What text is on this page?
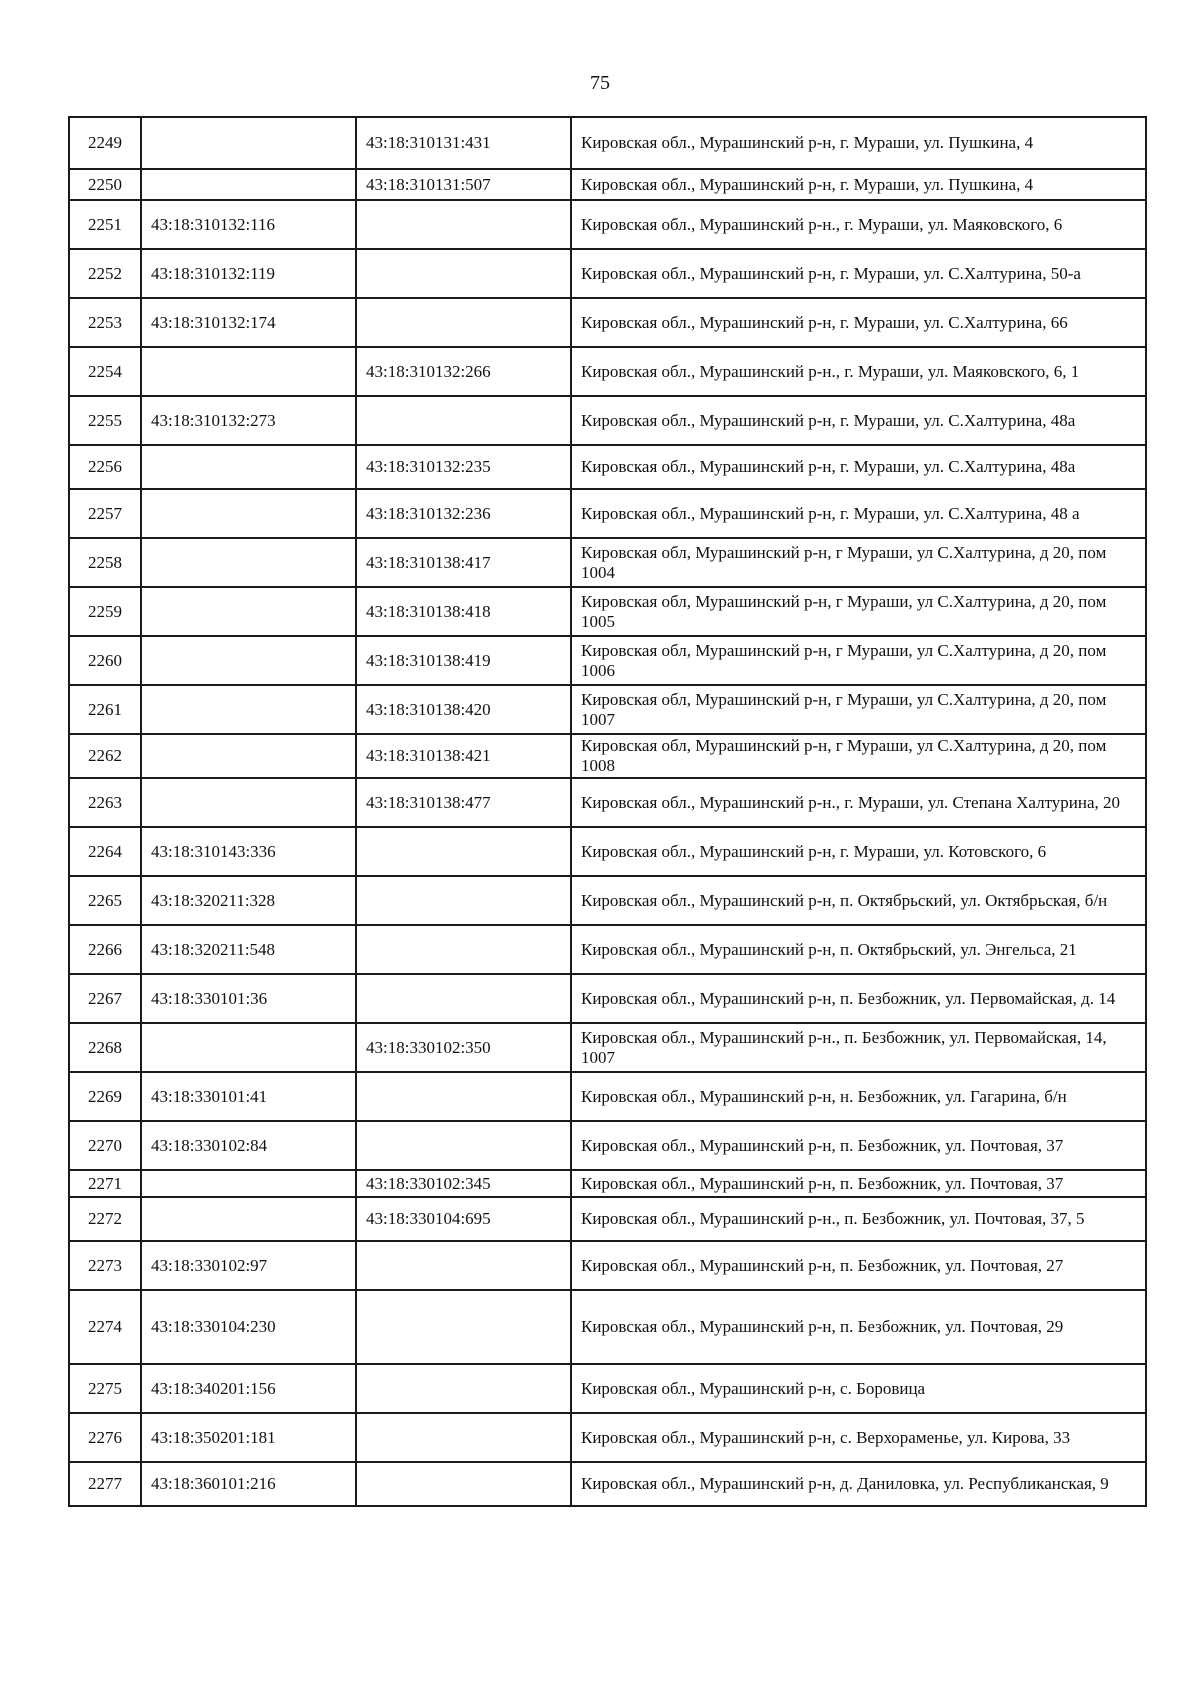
75
2249		43:18:310131:431	Кировская обл., Мурашинский р-н, г. Мураши, ул. Пушкина, 4
2250		43:18:310131:507	Кировская обл., Мурашинский р-н, г. Мураши, ул. Пушкина, 4
2251	43:18:310132:116		Кировская обл., Мурашинский р-н., г. Мураши, ул. Маяковского, 6
2252	43:18:310132:119		Кировская обл., Мурашинский р-н, г. Мураши, ул. С.Халтурина, 50-а
2253	43:18:310132:174		Кировская обл., Мурашинский р-н, г. Мураши, ул. С.Халтурина, 66
2254		43:18:310132:266	Кировская обл., Мурашинский р-н., г. Мураши, ул. Маяковского, 6, 1
2255	43:18:310132:273		Кировская обл., Мурашинский р-н, г. Мураши, ул. С.Халтурина, 48а
2256		43:18:310132:235	Кировская обл., Мурашинский р-н, г. Мураши, ул. С.Халтурина, 48а
2257		43:18:310132:236	Кировская обл., Мурашинский р-н, г. Мураши, ул. С.Халтурина, 48 а
2258		43:18:310138:417	Кировская обл, Мурашинский р-н, г Мураши, ул С.Халтурина, д 20, пом 1004
2259		43:18:310138:418	Кировская обл, Мурашинский р-н, г Мураши, ул С.Халтурина, д 20, пом 1005
2260		43:18:310138:419	Кировская обл, Мурашинский р-н, г Мураши, ул С.Халтурина, д 20, пом 1006
2261		43:18:310138:420	Кировская обл, Мурашинский р-н, г Мураши, ул С.Халтурина, д 20, пом 1007
2262		43:18:310138:421	Кировская обл, Мурашинский р-н, г Мураши, ул С.Халтурина, д 20, пом 1008
2263		43:18:310138:477	Кировская обл., Мурашинский р-н., г. Мураши, ул. Степана Халтурина, 20
2264	43:18:310143:336		Кировская обл., Мурашинский р-н, г. Мураши, ул. Котовского, 6
2265	43:18:320211:328		Кировская обл., Мурашинский р-н, п. Октябрьский, ул. Октябрьская, б/н
2266	43:18:320211:548		Кировская обл., Мурашинский р-н, п. Октябрьский, ул. Энгельса, 21
2267	43:18:330101:36		Кировская обл., Мурашинский р-н, п. Безбожник, ул. Первомайская, д. 14
2268		43:18:330102:350	Кировская обл., Мурашинский р-н., п. Безбожник, ул. Первомайская, 14, 1007
2269	43:18:330101:41		Кировская обл., Мурашинский р-н, н. Безбожник, ул. Гагарина, б/н
2270	43:18:330102:84		Кировская обл., Мурашинский р-н, п. Безбожник, ул. Почтовая, 37
2271		43:18:330102:345	Кировская обл., Мурашинский р-н, п. Безбожник, ул. Почтовая, 37
2272		43:18:330104:695	Кировская обл., Мурашинский р-н., п. Безбожник, ул. Почтовая, 37, 5
2273	43:18:330102:97		Кировская обл., Мурашинский р-н, п. Безбожник, ул. Почтовая, 27
2274	43:18:330104:230		Кировская обл., Мурашинский р-н, п. Безбожник, ул. Почтовая, 29
2275	43:18:340201:156		Кировская обл., Мурашинский р-н, с. Боровица
2276	43:18:350201:181		Кировская обл., Мурашинский р-н, с. Верхораменье, ул. Кирова, 33
2277	43:18:360101:216		Кировская обл., Мурашинский р-н, д. Даниловка, ул. Республиканская, 9
